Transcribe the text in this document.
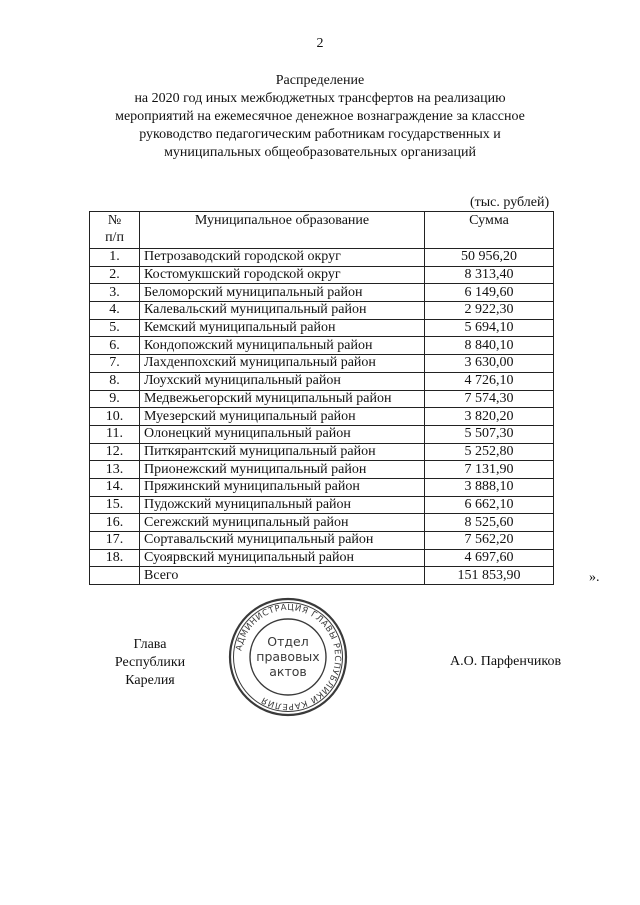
2
Распределение
на 2020 год иных межбюджетных трансфертов на реализацию
мероприятий на ежемесячное денежное вознаграждение за классное
руководство педагогическим работникам государственных и
муниципальных общеобразовательных организаций
(тыс. рублей)
№
п/п	Муниципальное образование	Сумма
1.	Петрозаводский городской округ	50 956,20
2.	Костомукшский городской округ	8 313,40
3.	Беломорский муниципальный район	6 149,60
4.	Калевальский муниципальный район	2 922,30
5.	Кемский муниципальный район	5 694,10
6.	Кондопожский муниципальный район	8 840,10
7.	Лахденпохский муниципальный район	3 630,00
8.	Лоухский муниципальный район	4 726,10
9.	Медвежьегорский муниципальный район	7 574,30
10.	Муезерский муниципальный район	3 820,20
11.	Олонецкий муниципальный район	5 507,30
12.	Питкярантский муниципальный район	5 252,80
13.	Прионежский муниципальный район	7 131,90
14.	Пряжинский муниципальный район	3 888,10
15.	Пудожский муниципальный район	6 662,10
16.	Сегежский муниципальный район	8 525,60
17.	Сортавальский муниципальный район	7 562,20
18.	Суоярвский муниципальный район	4 697,60
	Всего	151 853,90	».
Глава
Республики Карелия
А.О. Парфенчиков
АДМИНИСТРАЦИЯ ГЛАВЫ РЕСПУБЛИКИ КАРЕЛИЯ
Отдел
правовых
актов
